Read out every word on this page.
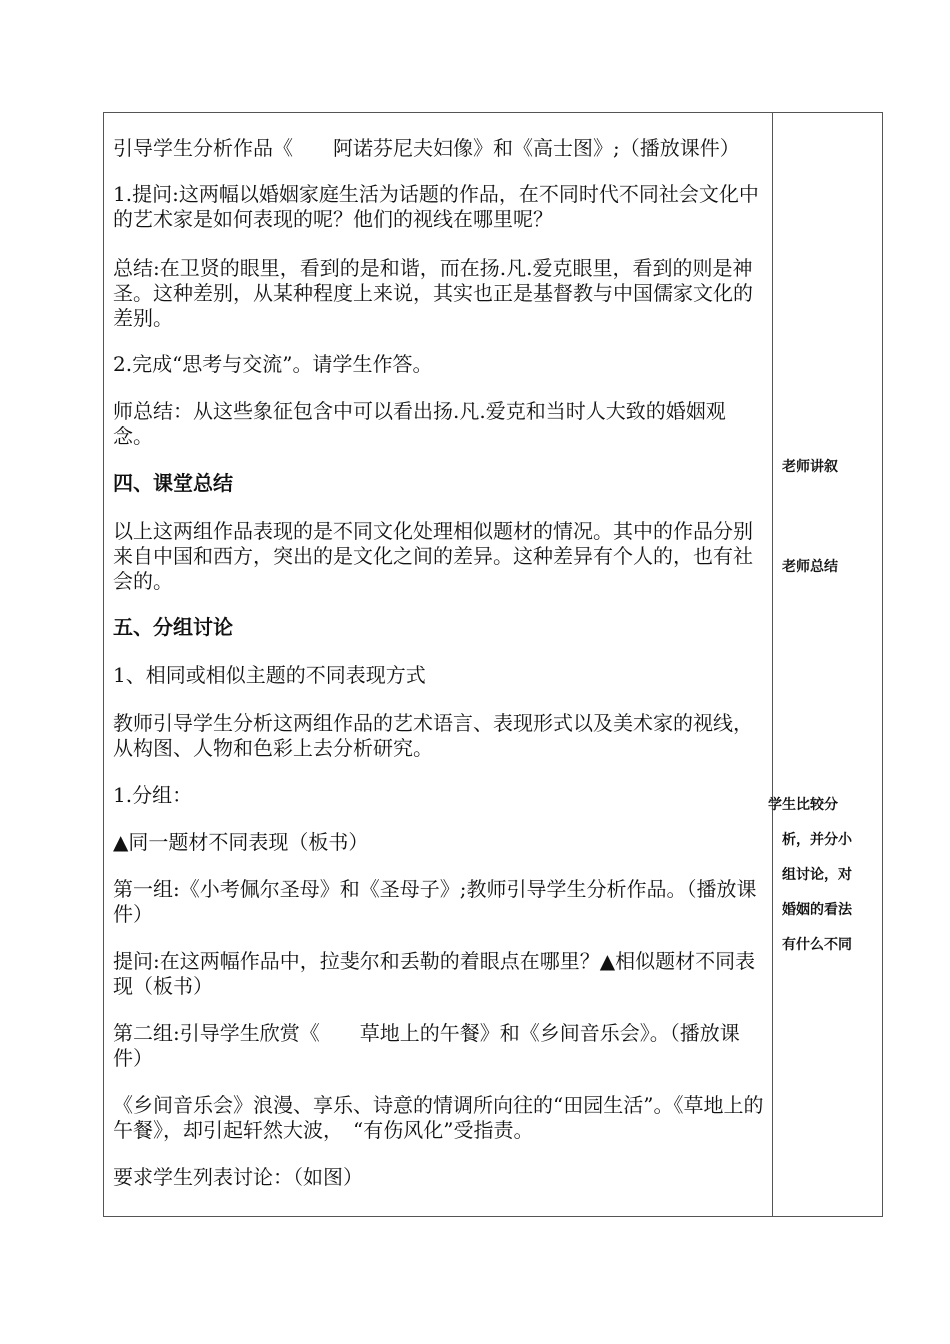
引导学生分析作品《　　阿诺芬尼夫妇像》和《高士图》;（播放课件）
1.提问:这两幅以婚姻家庭生活为话题的作品，在不同时代不同社会文化中的艺术家是如何表现的呢？他们的视线在哪里呢？
总结:在卫贤的眼里，看到的是和谐，而在扬.凡.爱克眼里，看到的则是神圣。这种差别，从某种程度上来说，其实也正是基督教与中国儒家文化的差别。
2.完成“思考与交流”。请学生作答。
师总结：从这些象征包含中可以看出扬.凡.爱克和当时人大致的婚姻观念。
四、课堂总结
以上这两组作品表现的是不同文化处理相似题材的情况。其中的作品分别来自中国和西方，突出的是文化之间的差异。这种差异有个人的，也有社会的。
五、分组讨论
1、相同或相似主题的不同表现方式
教师引导学生分析这两组作品的艺术语言、表现形式以及美术家的视线，从构图、人物和色彩上去分析研究。
1.分组：
▲同一题材不同表现（板书）
第一组:《小考佩尔圣母》和《圣母子》;教师引导学生分析作品。（播放课件）
提问:在这两幅作品中，拉斐尔和丢勒的着眼点在哪里？▲相似题材不同表现（板书）
第二组:引导学生欣赏《　　草地上的午餐》和《乡间音乐会》。（播放课件）
《乡间音乐会》浪漫、享乐、诗意的情调所向往的“田园生活”。《草地上的午餐》，却引起轩然大波，　“有伤风化”受指责。
要求学生列表讨论：（如图）
老师讲叙
老师总结
学生比较分
析，并分小
组讨论，对
婚姻的看法
有什么不同
